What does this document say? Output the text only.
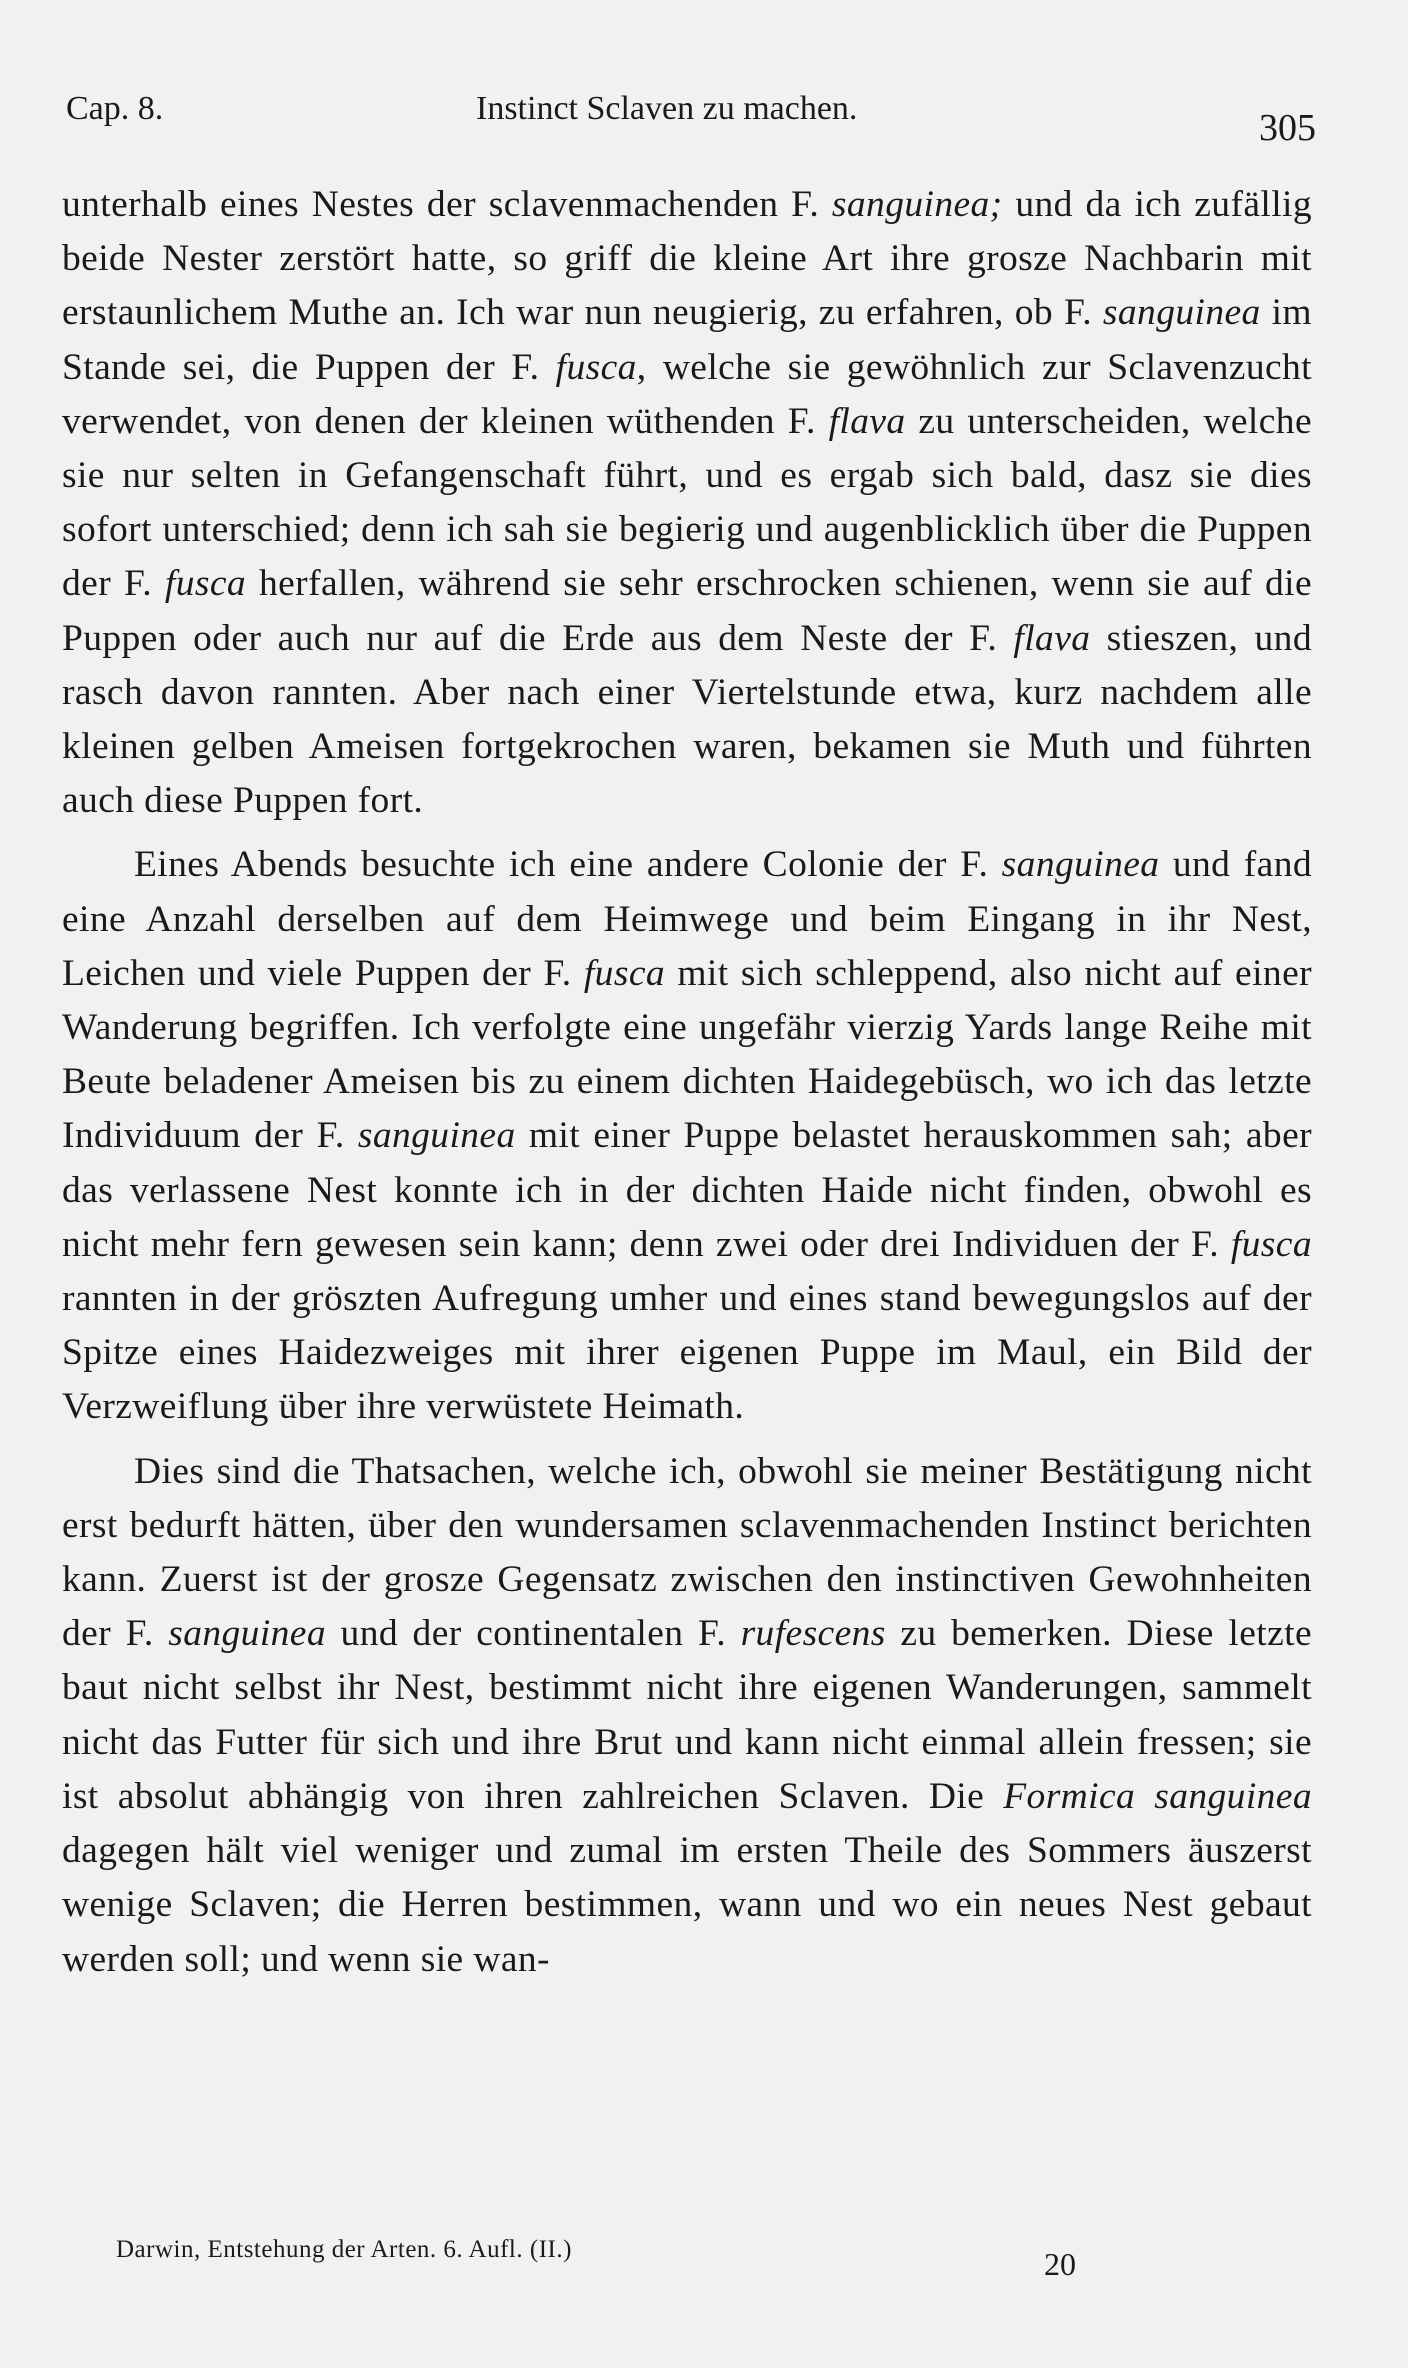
Cap. 8.	Instinct Sclaven zu machen.	305

unterhalb eines Nestes der sclavenmachenden F. sanguinea; und da ich zufällig beide Nester zerstört hatte, so griff die kleine Art ihre grosze Nachbarin mit erstaunlichem Muthe an. Ich war nun neugierig, zu erfahren, ob F. sanguinea im Stande sei, die Puppen der F. fusca, welche sie gewöhnlich zur Sclavenzucht verwendet, von denen der kleinen wüthenden F. flava zu unterscheiden, welche sie nur selten in Gefangenschaft führt, und es ergab sich bald, dasz sie dies sofort unterschied; denn ich sah sie begierig und augenblicklich über die Puppen der F. fusca herfallen, während sie sehr erschrocken schienen, wenn sie auf die Puppen oder auch nur auf die Erde aus dem Neste der F. flava stieszen, und rasch davon rannten. Aber nach einer Viertelstunde etwa, kurz nachdem alle kleinen gelben Ameisen fortgekrochen waren, bekamen sie Muth und führten auch diese Puppen fort.

Eines Abends besuchte ich eine andere Colonie der F. sanguinea und fand eine Anzahl derselben auf dem Heimwege und beim Eingang in ihr Nest, Leichen und viele Puppen der F. fusca mit sich schleppend, also nicht auf einer Wanderung begriffen. Ich verfolgte eine ungefähr vierzig Yards lange Reihe mit Beute beladener Ameisen bis zu einem dichten Haidegebüsch, wo ich das letzte Individuum der F. sanguinea mit einer Puppe belastet herauskommen sah; aber das verlassene Nest konnte ich in der dichten Haide nicht finden, obwohl es nicht mehr fern gewesen sein kann; denn zwei oder drei Individuen der F. fusca rannten in der gröszten Aufregung umher und eines stand bewegungslos auf der Spitze eines Haidezweiges mit ihrer eigenen Puppe im Maul, ein Bild der Verzweiflung über ihre verwüstete Heimath.

Dies sind die Thatsachen, welche ich, obwohl sie meiner Bestätigung nicht erst bedurft hätten, über den wundersamen sclavenmachenden Instinct berichten kann. Zuerst ist der grosze Gegensatz zwischen den instinctiven Gewohnheiten der F. sanguinea und der continentalen F. rufescens zu bemerken. Diese letzte baut nicht selbst ihr Nest, bestimmt nicht ihre eigenen Wanderungen, sammelt nicht das Futter für sich und ihre Brut und kann nicht einmal allein fressen; sie ist absolut abhängig von ihren zahlreichen Sclaven. Die Formica sanguinea dagegen hält viel weniger und zumal im ersten Theile des Sommers äuszerst wenige Sclaven; die Herren bestimmen, wann und wo ein neues Nest gebaut werden soll; und wenn sie wan-

Darwin, Entstehung der Arten. 6. Aufl. (II.)	20
